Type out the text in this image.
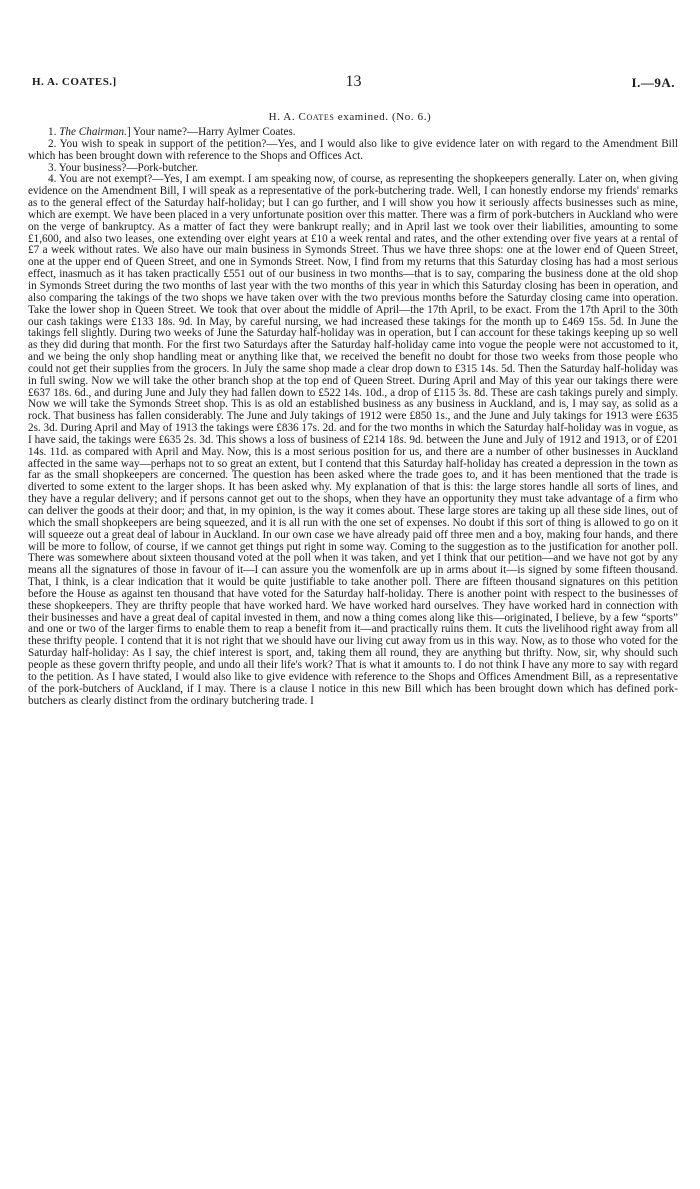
H. A. COATES.]	13	I.—9A.
H. A. Coates examined. (No. 6.)

1. The Chairman.] Your name?—Harry Aylmer Coates.

2. You wish to speak in support of the petition?—Yes, and I would also like to give evidence later on with regard to the Amendment Bill which has been brought down with reference to the Shops and Offices Act.

3. Your business?—Pork-butcher.

4. You are not exempt?—Yes, I am exempt. I am speaking now, of course, as representing the shopkeepers generally. Later on, when giving evidence on the Amendment Bill, I will speak as a representative of the pork-butchering trade. Well, I can honestly endorse my friends' remarks as to the general effect of the Saturday half-holiday; but I can go further, and I will show you how it seriously affects businesses such as mine, which are exempt. We have been placed in a very unfortunate position over this matter. There was a firm of pork-butchers in Auckland who were on the verge of bankruptcy. As a matter of fact they were bankrupt really; and in April last we took over their liabilities, amounting to some £1,600, and also two leases, one extending over eight years at £10 a week rental and rates, and the other extending over five years at a rental of £7 a week without rates. We also have our main business in Symonds Street. Thus we have three shops: one at the lower end of Queen Street, one at the upper end of Queen Street, and one in Symonds Street. Now, I find from my returns that this Saturday closing has had a most serious effect, inasmuch as it has taken practically £551 out of our business in two months—that is to say, comparing the business done at the old shop in Symonds Street during the two months of last year with the two months of this year in which this Saturday closing has been in operation, and also comparing the takings of the two shops we have taken over with the two previous months before the Saturday closing came into operation. Take the lower shop in Queen Street. We took that over about the middle of April—the 17th April, to be exact. From the 17th April to the 30th our cash takings were £133 18s. 9d. In May, by careful nursing, we had increased these takings for the month up to £469 15s. 5d. In June the takings fell slightly. During two weeks of June the Saturday half-holiday was in operation, but I can account for these takings keeping up so well as they did during that month. For the first two Saturdays after the Saturday half-holiday came into vogue the people were not accustomed to it, and we being the only shop handling meat or anything like that, we received the benefit no doubt for those two weeks from those people who could not get their supplies from the grocers. In July the same shop made a clear drop down to £315 14s. 5d. Then the Saturday half-holiday was in full swing. Now we will take the other branch shop at the top end of Queen Street. During April and May of this year our takings there were £637 18s. 6d., and during June and July they had fallen down to £522 14s. 10d., a drop of £115 3s. 8d. These are cash takings purely and simply. Now we will take the Symonds Street shop. This is as old an established business as any business in Auckland, and is, I may say, as solid as a rock. That business has fallen considerably. The June and July takings of 1912 were £850 1s., and the June and July takings for 1913 were £635 2s. 3d. During April and May of 1913 the takings were £836 17s. 2d. and for the two months in which the Saturday half-holiday was in vogue, as I have said, the takings were £635 2s. 3d. This shows a loss of business of £214 18s. 9d. between the June and July of 1912 and 1913, or of £201 14s. 11d. as compared with April and May. Now, this is a most serious position for us, and there are a number of other businesses in Auckland affected in the same way—perhaps not to so great an extent, but I contend that this Saturday half-holiday has created a depression in the town as far as the small shopkeepers are concerned. The question has been asked where the trade goes to, and it has been mentioned that the trade is diverted to some extent to the larger shops. It has been asked why. My explanation of that is this: the large stores handle all sorts of lines, and they have a regular delivery; and if persons cannot get out to the shops, when they have an opportunity they must take advantage of a firm who can deliver the goods at their door; and that, in my opinion, is the way it comes about. These large stores are taking up all these side lines, out of which the small shopkeepers are being squeezed, and it is all run with the one set of expenses. No doubt if this sort of thing is allowed to go on it will squeeze out a great deal of labour in Auckland. In our own case we have already paid off three men and a boy, making four hands, and there will be more to follow, of course, if we cannot get things put right in some way. Coming to the suggestion as to the justification for another poll. There was somewhere about sixteen thousand voted at the poll when it was taken, and yet I think that our petition—and we have not got by any means all the signatures of those in favour of it—I can assure you the womenfolk are up in arms about it—is signed by some fifteen thousand. That, I think, is a clear indication that it would be quite justifiable to take another poll. There are fifteen thousand signatures on this petition before the House as against ten thousand that have voted for the Saturday half-holiday. There is another point with respect to the businesses of these shopkeepers. They are thrifty people that have worked hard. We have worked hard ourselves. They have worked hard in connection with their businesses and have a great deal of capital invested in them, and now a thing comes along like this—originated, I believe, by a few “sports” and one or two of the larger firms to enable them to reap a benefit from it—and practically ruins them. It cuts the livelihood right away from all these thrifty people. I contend that it is not right that we should have our living cut away from us in this way. Now, as to those who voted for the Saturday half-holiday: As I say, the chief interest is sport, and, taking them all round, they are anything but thrifty. Now, sir, why should such people as these govern thrifty people, and undo all their life's work? That is what it amounts to. I do not think I have any more to say with regard to the petition. As I have stated, I would also like to give evidence with reference to the Shops and Offices Amendment Bill, as a representative of the pork-butchers of Auckland, if I may. There is a clause I notice in this new Bill which has been brought down which has defined pork-butchers as clearly distinct from the ordinary butchering trade. I
